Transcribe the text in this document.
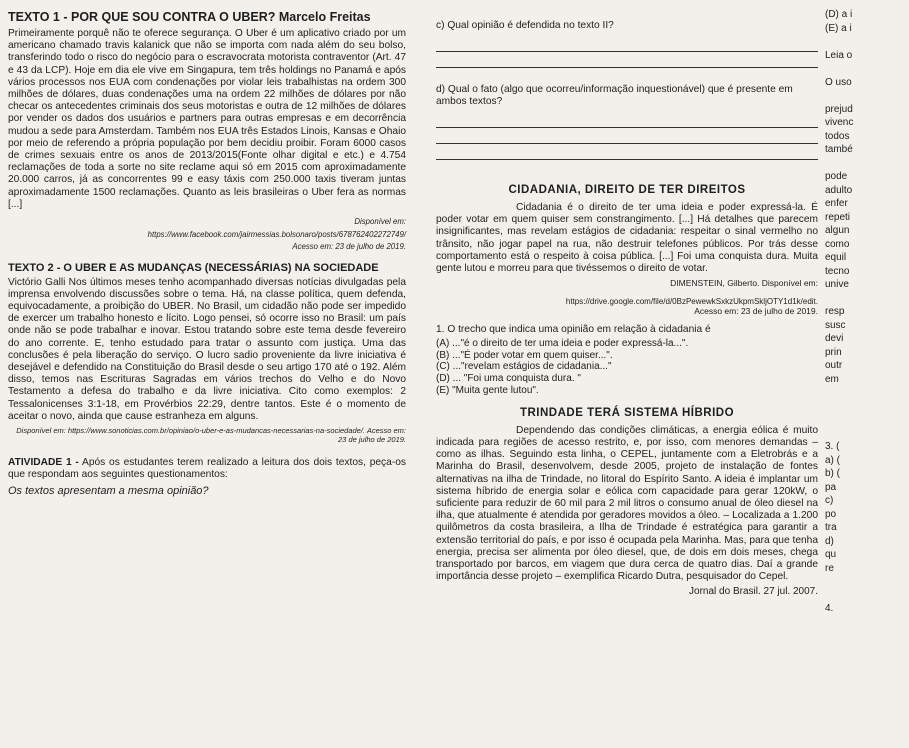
TEXTO 1 - POR QUE SOU CONTRA O UBER? Marcelo Freitas

Primeiramente porquê não te oferece segurança. O Uber é um aplicativo criado por um americano chamado travis kalanick que não se importa com nada além do seu bolso, transferindo todo o risco do negócio para o escravocrata motorista contraventor (Art. 47 e 43 da LCP). Hoje em dia ele vive em Singapura, tem três holdings no Panamá e após vários processos nos EUA com condenações por violar leis trabalhistas na ordem 300 milhões de dólares, duas condenações uma na ordem 22 milhões de dólares por não checar os antecedentes criminais dos seus motoristas e outra de 12 milhões de dólares por vender os dados dos usuários e partners para outras empresas e em decorrência mudou a sede para Amsterdam. Também nos EUA três Estados Linois, Kansas e Ohaio por meio de referendo a própria população por bem decidiu proibir. Foram 6000 casos de crimes sexuais entre os anos de 2013/2015(Fonte olhar digital e etc.) e 4.754 reclamações de toda a sorte no site reclame aqui só em 2015 com aproximadamente 20.000 carros, já as concorrentes 99 e easy táxis com 250.000 taxis tiveram juntas aproximadamente 1500 reclamações. Quanto as leis brasileiras o Uber fera as normas [...]

Disponível em:

https://www.facebook.com/jairmessias.bolsonaro/posts/678762402272749/

Acesso em: 23 de julho de 2019.

TEXTO 2 - O UBER E AS MUDANÇAS (NECESSÁRIAS) NA SOCIEDADE

Victório Galli Nos últimos meses tenho acompanhado diversas notícias divulgadas pela imprensa envolvendo discussões sobre o tema. Há, na classe política, quem defenda, equivocadamente, a proibição do UBER. No Brasil, um cidadão não pode ser impedido de exercer um trabalho honesto e lícito. Logo pensei, só ocorre isso no Brasil: um país onde não se pode trabalhar e inovar. Estou tratando sobre este tema desde fevereiro do ano corrente. E, tenho estudado para tratar o assunto com justiça. Uma das conclusões é pela liberação do serviço. O lucro sadio proveniente da livre iniciativa é desejável e defendido na Constituição do Brasil desde o seu artigo 170 até o 192. Além disso, temos nas Escrituras Sagradas em vários trechos do Velho e do Novo Testamento a defesa do trabalho e da livre iniciativa. Cito como exemplos: 2 Tessalonicenses 3:1-18, em Provérbios 22:29, dentre tantos. Este é o momento de aceitar o novo, ainda que cause estranheza em alguns.

Disponível em: https://www.sonoticias.com.br/opiniao/o-uber-e-as-mudancas-necessarias-na-sociedade/. Acesso em: 23 de julho de 2019.

ATIVIDADE 1 - Após os estudantes terem realizado a leitura dos dois textos, peça-os que respondam aos seguintes questionamentos:

Os textos apresentam a mesma opinião?

c) Qual opinião é defendida no texto II?

d) Qual o fato (algo que ocorreu/informação inquestionável) que é presente em ambos textos?

CIDADANIA, DIREITO DE TER DIREITOS

Cidadania é o direito de ter uma ideia e poder expressá-la. É poder votar em quem quiser sem constrangimento. [...] Há detalhes que parecem insignificantes, mas revelam estágios de cidadania: respeitar o sinal vermelho no trânsito, não jogar papel na rua, não destruir telefones públicos. Por trás desse comportamento está o respeito à coisa pública. [...] Foi uma conquista dura. Muita gente lutou e morreu para que tivéssemos o direito de votar.

DIMENSTEIN, Gilberto. Disponível em:

https://drive.google.com/file/d/0BzPewewkSxkzUkpmSkljOTY1d1k/edit.

Acesso em: 23 de julho de 2019.

1. O trecho que indica uma opinião em relação à cidadania é

(A) ..."é o direito de ter uma ideia e poder expressá-la...".

(B) ..."É poder votar em quem quiser...".

(C) ..."revelam estágios de cidadania..."

(D) ... "Foi uma conquista dura. "

(E) "Muita gente lutou".

TRINDADE TERÁ SISTEMA HÍBRIDO

Dependendo das condições climáticas, a energia eólica é muito indicada para regiões de acesso restrito, e, por isso, com menores demandas – como as ilhas. Seguindo esta linha, o CEPEL, juntamente com a Eletrobrás e a Marinha do Brasil, desenvolvem, desde 2005, projeto de instalação de fontes alternativas na ilha de Trindade, no litoral do Espírito Santo. A ideia é implantar um sistema híbrido de energia solar e eólica com capacidade para gerar 120kW, o suficiente para reduzir de 60 mil para 2 mil litros o consumo anual de óleo diesel na ilha, que atualmente é atendida por geradores movidos a óleo. – Localizada a 1.200 quilômetros da costa brasileira, a Ilha de Trindade é estratégica para garantir a extensão territorial do país, e por isso é ocupada pela Marinha. Mas, para que tenha energia, precisa ser alimenta por óleo diesel, que, de dois em dois meses, chega transportado por barcos, em viagem que dura cerca de quatro dias. Daí a grande importância desse projeto – exemplifica Ricardo Dutra, pesquisador do Cepel.

Jornal do Brasil. 27 jul. 2007.

(D) a i

(E) a i

Leia o

O uso

prejud

vivenc

todos

també

pode

adulto

enfer

repeti

algun

como

equil

tecno

unive

resp

susc

devi

prin

outr

em

3. (

a) (

b) (

pa

c)

po

tra

d)

qu

re

4.
